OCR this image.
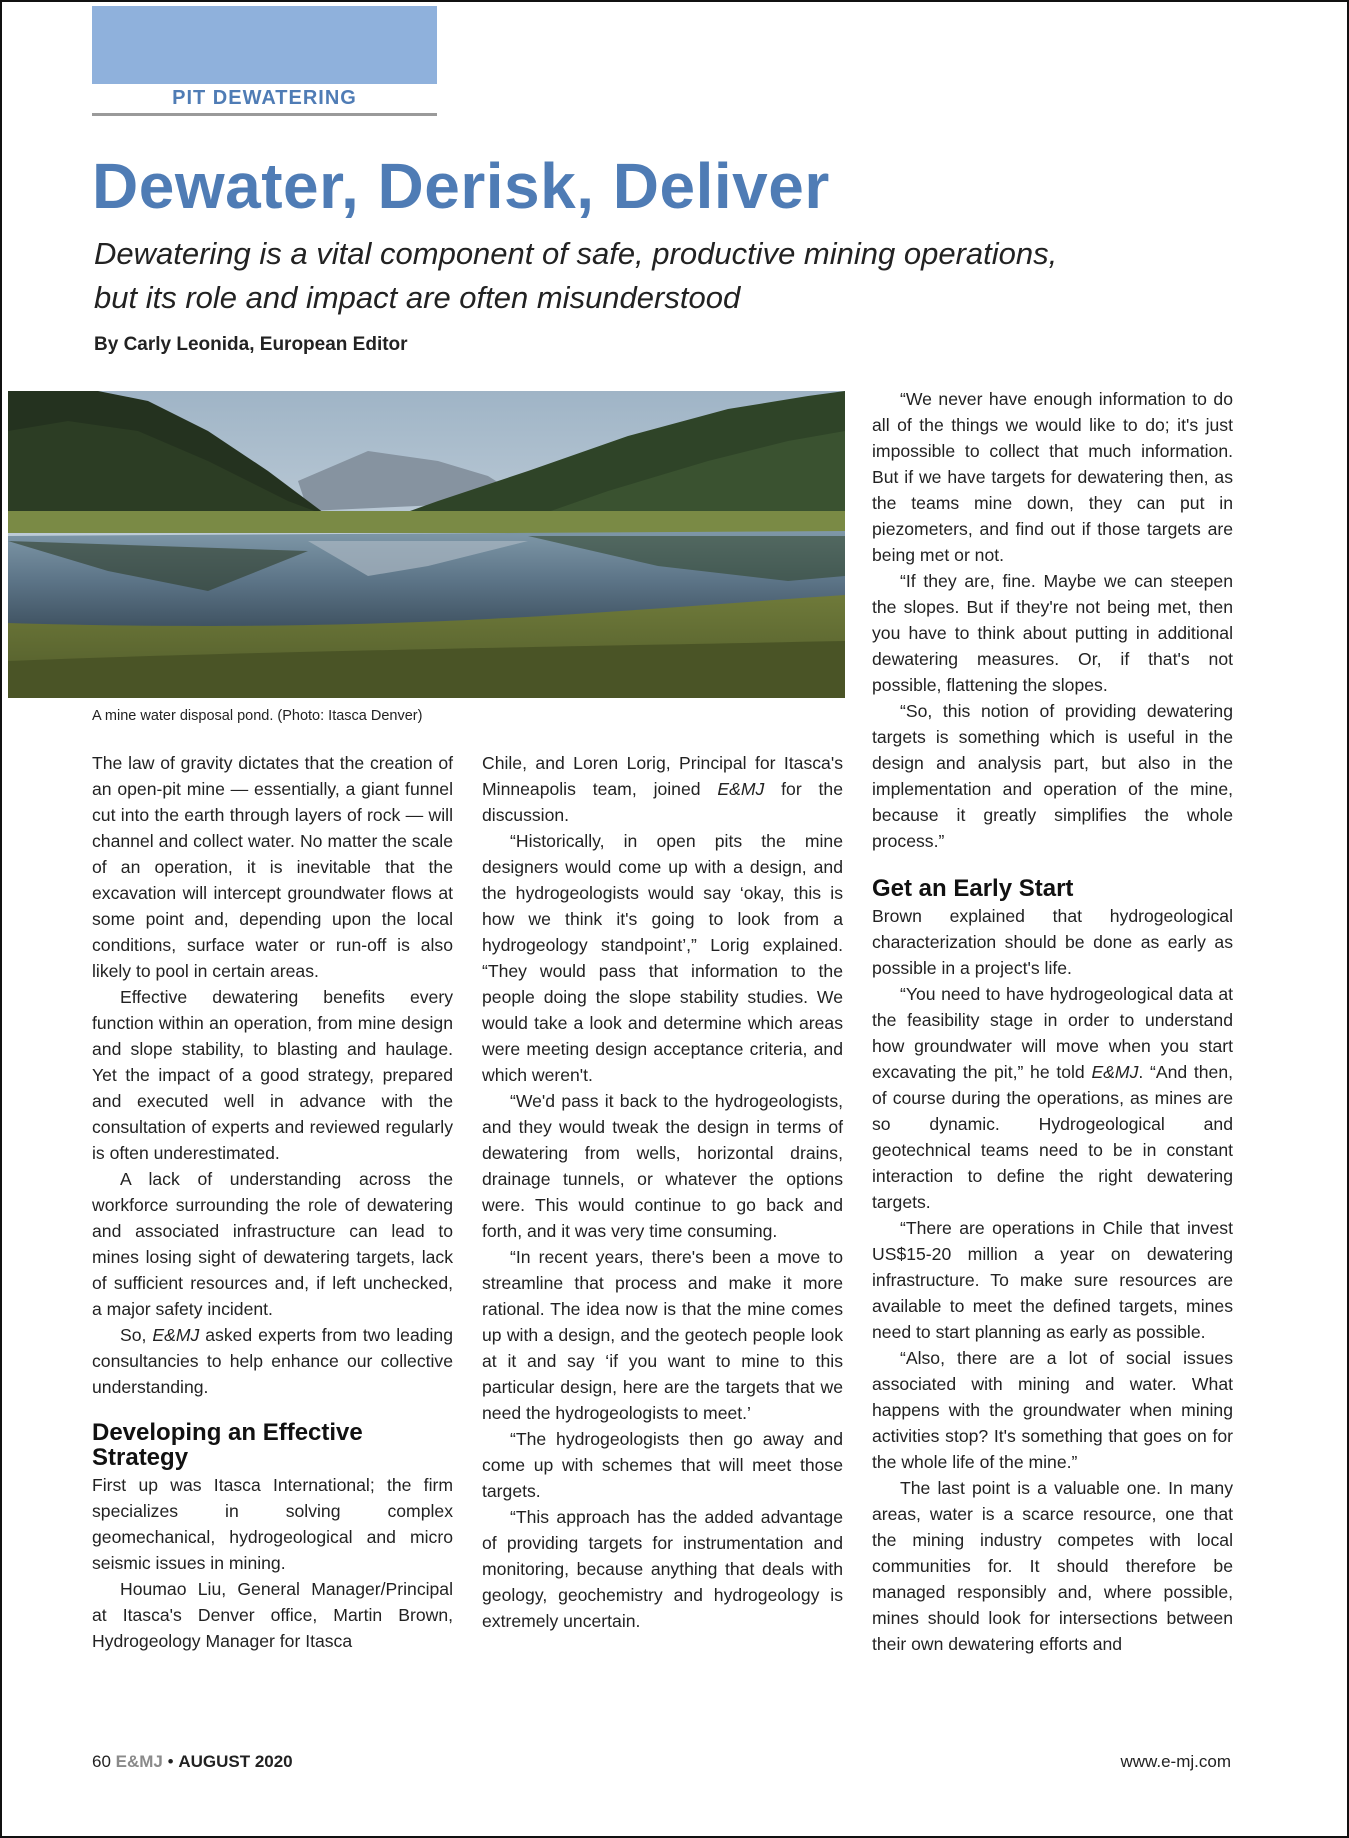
PIT DEWATERING
Dewater, Derisk, Deliver
Dewatering is a vital component of safe, productive mining operations,
but its role and impact are often misunderstood
By Carly Leonida, European Editor
A mine water disposal pond. (Photo: Itasca Denver)

The law of gravity dictates that the creation of an open-pit mine — essentially, a giant funnel cut into the earth through layers of rock — will channel and collect water. No matter the scale of an operation, it is inevitable that the excavation will intercept groundwater flows at some point and, depending upon the local conditions, surface water or run-off is also likely to pool in certain areas.

Effective dewatering benefits every function within an operation, from mine design and slope stability, to blasting and haulage. Yet the impact of a good strategy, prepared and executed well in advance with the consultation of experts and reviewed regularly is often underestimated.

A lack of understanding across the workforce surrounding the role of dewatering and associated infrastructure can lead to mines losing sight of dewatering targets, lack of sufficient resources and, if left unchecked, a major safety incident.

So, E&MJ asked experts from two leading consultancies to help enhance our collective understanding.

Developing an Effective Strategy

First up was Itasca International; the firm specializes in solving complex geomechanical, hydrogeological and micro seismic issues in mining.

Houmao Liu, General Manager/Principal at Itasca's Denver office, Martin Brown, Hydrogeology Manager for Itasca

Chile, and Loren Lorig, Principal for Itasca's Minneapolis team, joined E&MJ for the discussion.

“Historically, in open pits the mine designers would come up with a design, and the hydrogeologists would say ‘okay, this is how we think it's going to look from a hydrogeology standpoint’,” Lorig explained. “They would pass that information to the people doing the slope stability studies. We would take a look and determine which areas were meeting design acceptance criteria, and which weren't.

“We'd pass it back to the hydrogeologists, and they would tweak the design in terms of dewatering from wells, horizontal drains, drainage tunnels, or whatever the options were. This would continue to go back and forth, and it was very time consuming.

“In recent years, there's been a move to streamline that process and make it more rational. The idea now is that the mine comes up with a design, and the geotech people look at it and say ‘if you want to mine to this particular design, here are the targets that we need the hydrogeologists to meet.’

“The hydrogeologists then go away and come up with schemes that will meet those targets.

“This approach has the added advantage of providing targets for instrumentation and monitoring, because anything that deals with geology, geochemistry and hydrogeology is extremely uncertain.

“We never have enough information to do all of the things we would like to do; it's just impossible to collect that much information. But if we have targets for dewatering then, as the teams mine down, they can put in piezometers, and find out if those targets are being met or not.

“If they are, fine. Maybe we can steepen the slopes. But if they're not being met, then you have to think about putting in additional dewatering measures. Or, if that's not possible, flattening the slopes.

“So, this notion of providing dewatering targets is something which is useful in the design and analysis part, but also in the implementation and operation of the mine, because it greatly simplifies the whole process.”

Get an Early Start

Brown explained that hydrogeological characterization should be done as early as possible in a project's life.

“You need to have hydrogeological data at the feasibility stage in order to understand how groundwater will move when you start excavating the pit,” he told E&MJ. “And then, of course during the operations, as mines are so dynamic. Hydrogeological and geotechnical teams need to be in constant interaction to define the right dewatering targets.

“There are operations in Chile that invest US$15-20 million a year on dewatering infrastructure. To make sure resources are available to meet the defined targets, mines need to start planning as early as possible.

“Also, there are a lot of social issues associated with mining and water. What happens with the groundwater when mining activities stop? It's something that goes on for the whole life of the mine.”

The last point is a valuable one. In many areas, water is a scarce resource, one that the mining industry competes with local communities for. It should therefore be managed responsibly and, where possible, mines should look for intersections between their own dewatering efforts and

60 E&MJ • AUGUST 2020	www.e-mj.com
